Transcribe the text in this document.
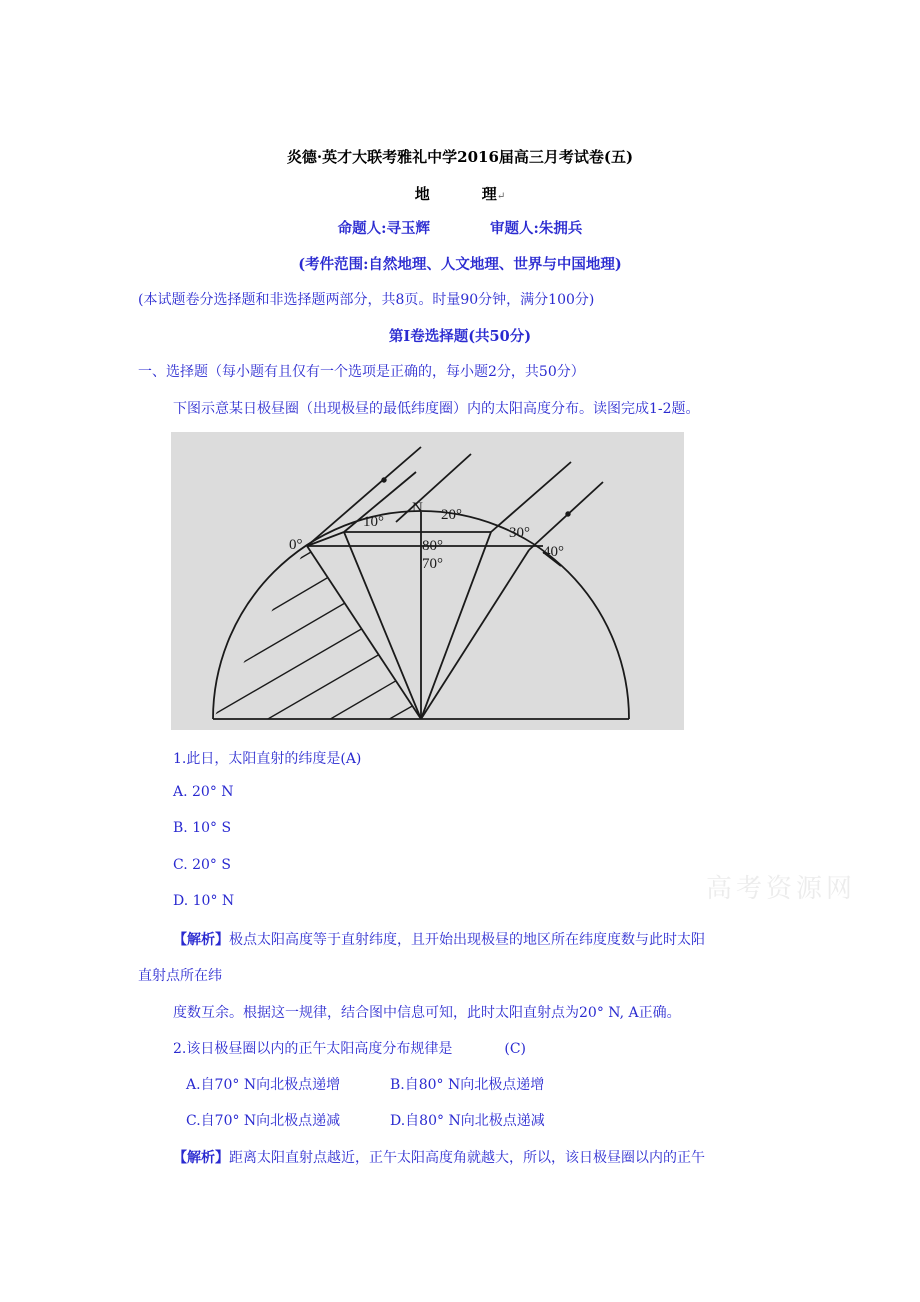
炎德·英才大联考雅礼中学2016届高三月考试卷(五)
地	理↵
命题人:寻玉辉	审题人:朱拥兵
(考件范围:自然地理、人文地理、世界与中国地理)
(本试题卷分选择题和非选择题两部分，共8页。时量90分钟，满分100分)
第Ⅰ卷选择题(共50分)
一、选择题（每小题有且仅有一个选项是正确的，每小题2分，共50分）
下图示意某日极昼圈（出现极昼的最低纬度圈）内的太阳高度分布。读图完成1-2题。
0°
10°
N 20°
30°
40°
80°
70°
1.此日，太阳直射的纬度是(A)
A. 20° N
B. 10° S
C. 20° S
D. 10° N
【解析】极点太阳高度等于直射纬度，且开始出现极昼的地区所在纬度度数与此时太阳
直射点所在纬
度数互余。根据这一规律，结合图中信息可知，此时太阳直射点为20° N, A正确。
2.该日极昼圈以内的正午太阳高度分布规律是	(C)
A.自70° N向北极点递增	B.自80° N向北极点递增
C.自70° N向北极点递减	D.自80° N向北极点递减
【解析】距离太阳直射点越近，正午太阳高度角就越大，所以，该日极昼圈以内的正午
高考资源网
